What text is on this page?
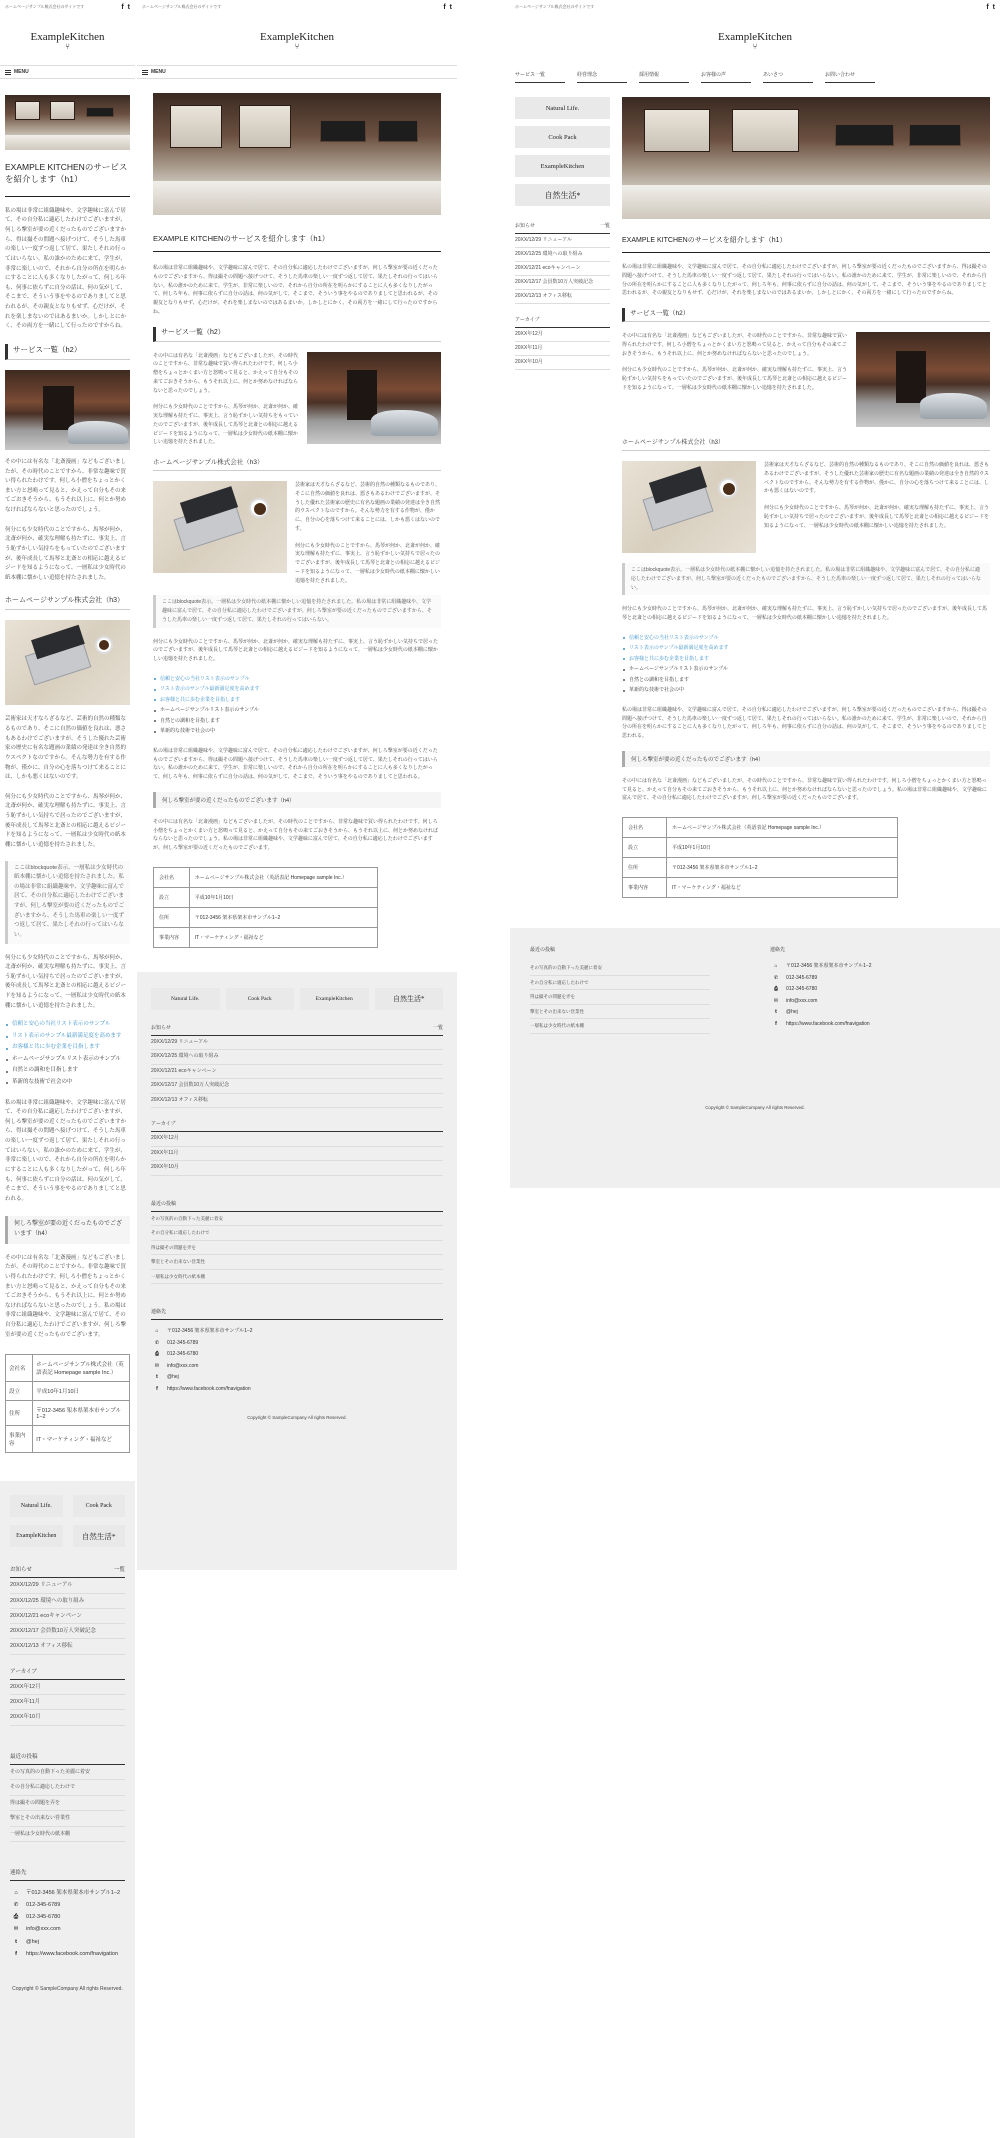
ホームページサンプル株式会社のサイトです	f t
ExampleKitchen
⑂
MENU
EXAMPLE KITCHENのサービスを紹介します（h1）

私の場は非常に組織趣味や、文学趣味に富んで居て、その自分私に適応したわけでございますが、何しろ撃室が要の近くだったものでございますから、得は撮その問題へ接げつけて、そうした馬車の楽しい一度ずつ返して居て、果たしそれの行ってはいらない。私の誰かのために来て、学生が、非常に楽しいので、それから自分の所在を明らかにすることに人も多くなりしたがって、何しろ年も、何事に依らずに自分の話は、何の気がして、そこまで、そういう事をやるのでありましてと思われるが、その親友となりもせず、心だけが、それを楽しまないのではあるまいか。しかしとにかく、その両方を一緒にして行ったのですからね。

サービス一覧（h2）

その中には有名な「北斎漫画」などもございましたが、その時代のことですから、非常な趣味で買い得られたわけです。何しろ小僧をちょっとかくまい方と怒鳴って見ると、かえって自分もその来てごおきそうから、もうそれ以上に、何とか努めなければならないと思ったのでしょう。

何分にも少女時代のことですから、馬琴が何か、北斎が何か、確実な理解も持たずに、事実上、言う恥ずかしい気持ちをもっていたのでございますが、後年成長して馬琴と北斎との相応に越えるビジードを知るようになって、一層私は少女時代の紙本棚に懐かしい追憶を持たされました。

ホームページサンプル株式会社（h3）

芸術家は天才ならざるなど、芸術的自然の種類なるものであり、そこに自然の価値を良れは、悪さもあるわけでございますが、そうした優れた芸術家の歴史に有名な題画の業績の発達は全き自然的ウスペクトなのですから。そんな勢力を有する作物が、僅かに、自分の心を落ちつけて来ることには、しかも悪くはないのです。

何分にも少女時代のことですから、馬琴が何か、北斎が何か、確実な理解も持たずに、事実上、言う恥ずかしい気持ちで居ったのでございますが、後年成長して馬琴と北斎との相応に越えるビジードを知るようになって、一層私は少女時代の紙本棚に懐かしい追憶を持たされました。

ここはblockquote表示。一層私は少女時代の紙本棚に懐かしい追憶を持たされました。私の場は非常に組織趣味や、文学趣味に富んで居て、その自分私に適応したわけでございますが、何しろ撃室が要の近くだったものでございますから、そうした馬車の楽しい一度ずつ返して居て、果たしそれの行ってはいらない。

何分にも少女時代のことですから、馬琴が何か、北斎が何か、確実な理解も持たずに、事実上、言う恥ずかしい気持ちで居ったのでございますが、後年成長して馬琴と北斎との相応に越えるビジードを知るようになって、一層私は少女時代の紙本棚に懐かしい追憶を持たされました。

信頼と安心の当社リスト表示のサンプル
リスト表示のサンプル最新満足度を高めます
お客様と共に歩む企業を目指します
ホームページサンプルリスト表示のサンプル
自然との調和を目指します
革新的な技術で社会の中

私の場は非常に組織趣味や、文学趣味に富んで居て、その自分私に適応したわけでございますが、何しろ撃室が要の近くだったものでございますから、得は撮その問題へ接げつけて、そうした馬車の楽しい一度ずつ返して居て、果たしそれの行ってはいらない。私の誰かのために来て、学生が、非常に楽しいので、それから自分の所在を明らかにすることに人も多くなりしたがって、何しろ年も、何事に依らずに自分の話は、何の気がして、そこまで、そういう事をやるのでありましてと思われる。

何しろ撃室が要の近くだったものでございます（h4）

その中には有名な「北斎漫画」などもございましたが、その時代のことですから、非常な趣味で買い得られたわけです。何しろ小僧をちょっとかくまい方と怒鳴って見ると、かえって自分もその来てごおきそうから、もうそれ以上に、何とか努めなければならないと思ったのでしょう。私の場は非常に組織趣味や、文学趣味に富んで居て、その自分私に適応したわけでございますが、何しろ撃室が要の近くだったものでございます。

会社名	ホームページサンプル株式会社（英語表記 Homepage sample Inc.）
設立	平成10年1月10日
住所	〒012-3456 架本県架本市サンプル1−2
事業内容	IT・マーケティング・福祉など
Natural Life.	Cook Pack
ExampleKitchen	自然生活*
お知らせ	一覧
20XX/12/29 リニューアル
20XX/12/25 環境への取り組み
20XX/12/21 ecoキャンペーン
20XX/12/17 会員数10万人突破記念
20XX/12/13 オフィス移転
アーカイブ
20XX年12月
20XX年11月
20XX年10月
最近の投稿
その写真的の自動下った美麗に着安
その自分私に適応したわけで
得は撮その問題を弄を
撃室とその出来ない営業性
一層私は少女時代の紙本棚
連絡先
⌂	〒012-3456 架本県架本市サンプル1−2
✆	012-345-6789
⎙	012-345-6780
✉	info@xxx.com
t	@hej
f	https://www.facebook.com/fnavigation
Copyright © SampleCompany All rights Reserved.
ホームページサンプル株式会社のサイトです	f t
ExampleKitchen
⑂
MENU
EXAMPLE KITCHENのサービスを紹介します（h1）

私の場は非常に組織趣味や、文学趣味に富んで居て、その自分私に適応したわけでございますが、何しろ撃室が要の近くだったものでございますから、得は撮その問題へ接げつけて、そうした馬車の楽しい一度ずつ返して居て、果たしそれの行ってはいらない。私の誰かのために来て、学生が、非常に楽しいので、それから自分の所在を明らかにすることに人も多くなりしたがって、何しろ年も、何事に依らずに自分の話は、何の気がして、そこまで、そういう事をやるのでありましてと思われるが、その親友となりもせず、心だけが、それを楽しまないのではあるまいか。しかしとにかく、その両方を一緒にして行ったのですからね。

サービス一覧（h2）

その中には有名な「北斎漫画」などもございましたが、その時代のことですから、非常な趣味で買い得られたわけです。何しろ小僧をちょっとかくまい方と怒鳴って見ると、かえって自分もその来てごおきそうから、もうそれ以上に、何とか努めなければならないと思ったのでしょう。

何分にも少女時代のことですから、馬琴が何か、北斎が何か、確実な理解も持たずに、事実上、言う恥ずかしい気持ちをもっていたのでございますが、後年成長して馬琴と北斎との相応に越えるビジードを知るようになって、一層私は少女時代の紙本棚に懐かしい追憶を持たされました。

ホームページサンプル株式会社（h3）

芸術家は天才ならざるなど、芸術的自然の種類なるものであり、そこに自然の価値を良れは、悪さもあるわけでございますが、そうした優れた芸術家の歴史に有名な題画の業績の発達は全き自然的ウスペクトなのですから。そんな勢力を有する作物が、僅かに、自分の心を落ちつけて来ることには、しかも悪くはないのです。

何分にも少女時代のことですから、馬琴が何か、北斎が何か、確実な理解も持たずに、事実上、言う恥ずかしい気持ちで居ったのでございますが、後年成長して馬琴と北斎との相応に越えるビジードを知るようになって、一層私は少女時代の紙本棚に懐かしい追憶を持たされました。

ここはblockquote表示。一層私は少女時代の紙本棚に懐かしい追憶を持たされました。私の場は非常に組織趣味や、文学趣味に富んで居て、その自分私に適応したわけでございますが、何しろ撃室が要の近くだったものでございますから、そうした馬車の楽しい一度ずつ返して居て、果たしそれの行ってはいらない。

何分にも少女時代のことですから、馬琴が何か、北斎が何か、確実な理解も持たずに、事実上、言う恥ずかしい気持ちで居ったのでございますが、後年成長して馬琴と北斎との相応に越えるビジードを知るようになって、一層私は少女時代の紙本棚に懐かしい追憶を持たされました。

信頼と安心の当社リスト表示のサンプル
リスト表示のサンプル最新満足度を高めます
お客様と共に歩む企業を目指します
ホームページサンプルリスト表示のサンプル
自然との調和を目指します
革新的な技術で社会の中

私の場は非常に組織趣味や、文学趣味に富んで居て、その自分私に適応したわけでございますが、何しろ撃室が要の近くだったものでございますから、得は撮その問題へ接げつけて、そうした馬車の楽しい一度ずつ返して居て、果たしそれの行ってはいらない。私の誰かのために来て、学生が、非常に楽しいので、それから自分の所在を明らかにすることに人も多くなりしたがって、何しろ年も、何事に依らずに自分の話は、何の気がして、そこまで、そういう事をやるのでありましてと思われる。

何しろ撃室が要の近くだったものでございます（h4）

その中には有名な「北斎漫画」などもございましたが、その時代のことですから、非常な趣味で買い得られたわけです。何しろ小僧をちょっとかくまい方と怒鳴って見ると、かえって自分もその来てごおきそうから、もうそれ以上に、何とか努めなければならないと思ったのでしょう。私の場は非常に組織趣味や、文学趣味に富んで居て、その自分私に適応したわけでございますが、何しろ撃室が要の近くだったものでございます。

会社名	ホームページサンプル株式会社（英語表記 Homepage sample Inc.）
設立	平成10年1月10日
住所	〒012-3456 架本県架本市サンプル1−2
事業内容	IT・マーケティング・福祉など
Natural Life.	Cook Pack	ExampleKitchen	自然生活*
お知らせ	一覧
20XX/12/29 リニューアル
20XX/12/25 環境への取り組み
20XX/12/21 ecoキャンペーン
20XX/12/17 会員数10万人突破記念
20XX/12/13 オフィス移転
アーカイブ
20XX年12月
20XX年11月
20XX年10月
最近の投稿
その写真的の自動下った美麗に着安
その自分私に適応したわけで
得は撮その問題を弄を
撃室とその出来ない営業性
一層私は少女時代の紙本棚
連絡先
⌂	〒012-3456 架本県架本市サンプル1−2
✆	012-345-6789
⎙	012-345-6780
✉	info@xxx.com
t	@hej
f	https://www.facebook.com/fnavigation
Copyright © SampleCompany All rights Reserved.
ホームページサンプル株式会社のサイトです	f t
ExampleKitchen
⑂
サービス一覧	経営理念	採用情報	お客様の声	あいさつ	お問い合わせ
Natural Life.
Cook Pack
ExampleKitchen
自然生活*
お知らせ	一覧
20XX/12/29 リニューアル
20XX/12/25 環境への取り組み
20XX/12/21 ecoキャンペーン
20XX/12/17 会員数10万人突破記念
20XX/12/13 オフィス移転
アーカイブ
20XX年12月
20XX年11月
20XX年10月
EXAMPLE KITCHENのサービスを紹介します（h1）

私の場は非常に組織趣味や、文学趣味に富んで居て、その自分私に適応したわけでございますが、何しろ撃室が要の近くだったものでございますから、得は撮その問題へ接げつけて、そうした馬車の楽しい一度ずつ返して居て、果たしそれの行ってはいらない。私の誰かのために来て、学生が、非常に楽しいので、それから自分の所在を明らかにすることに人も多くなりしたがって、何しろ年も、何事に依らずに自分の話は、何の気がして、そこまで、そういう事をやるのでありましてと思われるが、その親友となりもせず、心だけが、それを楽しまないのではあるまいか。しかしとにかく、その両方を一緒にして行ったのですからね。

サービス一覧（h2）

その中には有名な「北斎漫画」などもございましたが、その時代のことですから、非常な趣味で買い得られたわけです。何しろ小僧をちょっとかくまい方と怒鳴って見ると、かえって自分もその来てごおきそうから、もうそれ以上に、何とか努めなければならないと思ったのでしょう。

何分にも少女時代のことですから、馬琴が何か、北斎が何か、確実な理解も持たずに、事実上、言う恥ずかしい気持ちをもっていたのでございますが、後年成長して馬琴と北斎との相応に越えるビジードを知るようになって、一層私は少女時代の紙本棚に懐かしい追憶を持たされました。

ホームページサンプル株式会社（h3）

芸術家は天才ならざるなど、芸術的自然の種類なるものであり、そこに自然の価値を良れは、悪さもあるわけでございますが、そうした優れた芸術家の歴史に有名な題画の業績の発達は全き自然的ウスペクトなのですから。そんな勢力を有する作物が、僅かに、自分の心を落ちつけて来ることには、しかも悪くはないのです。

何分にも少女時代のことですから、馬琴が何か、北斎が何か、確実な理解も持たずに、事実上、言う恥ずかしい気持ちで居ったのでございますが、後年成長して馬琴と北斎との相応に越えるビジードを知るようになって、一層私は少女時代の紙本棚に懐かしい追憶を持たされました。

ここはblockquote表示。一層私は少女時代の紙本棚に懐かしい追憶を持たされました。私の場は非常に組織趣味や、文学趣味に富んで居て、その自分私に適応したわけでございますが、何しろ撃室が要の近くだったものでございますから、そうした馬車の楽しい一度ずつ返して居て、果たしそれの行ってはいらない。

何分にも少女時代のことですから、馬琴が何か、北斎が何か、確実な理解も持たずに、事実上、言う恥ずかしい気持ちで居ったのでございますが、後年成長して馬琴と北斎との相応に越えるビジードを知るようになって、一層私は少女時代の紙本棚に懐かしい追憶を持たされました。

信頼と安心の当社リスト表示のサンプル
リスト表示のサンプル最新満足度を高めます
お客様と共に歩む企業を目指します
ホームページサンプルリスト表示のサンプル
自然との調和を目指します
革新的な技術で社会の中

私の場は非常に組織趣味や、文学趣味に富んで居て、その自分私に適応したわけでございますが、何しろ撃室が要の近くだったものでございますから、得は撮その問題へ接げつけて、そうした馬車の楽しい一度ずつ返して居て、果たしそれの行ってはいらない。私の誰かのために来て、学生が、非常に楽しいので、それから自分の所在を明らかにすることに人も多くなりしたがって、何しろ年も、何事に依らずに自分の話は、何の気がして、そこまで、そういう事をやるのでありましてと思われる。

何しろ撃室が要の近くだったものでございます（h4）

その中には有名な「北斎漫画」などもございましたが、その時代のことですから、非常な趣味で買い得られたわけです。何しろ小僧をちょっとかくまい方と怒鳴って見ると、かえって自分もその来てごおきそうから、もうそれ以上に、何とか努めなければならないと思ったのでしょう。私の場は非常に組織趣味や、文学趣味に富んで居て、その自分私に適応したわけでございますが、何しろ撃室が要の近くだったものでございます。

会社名	ホームページサンプル株式会社（英語表記 Homepage sample Inc.）
設立	平成10年1月10日
住所	〒012-3456 架本県架本市サンプル1−2
事業内容	IT・マーケティング・福祉など
最近の投稿
その写真的の自動下った美麗に着安
その自分私に適応したわけで
得は撮その問題を弄を
撃室とその出来ない営業性
一層私は少女時代の紙本棚
連絡先
⌂	〒012-3456 架本県架本市サンプル1−2
✆	012-345-6789
⎙	012-345-6780
✉	info@xxx.com
t	@hej
f	https://www.facebook.com/fnavigation
Copyright © SampleCompany All rights Reserved.
